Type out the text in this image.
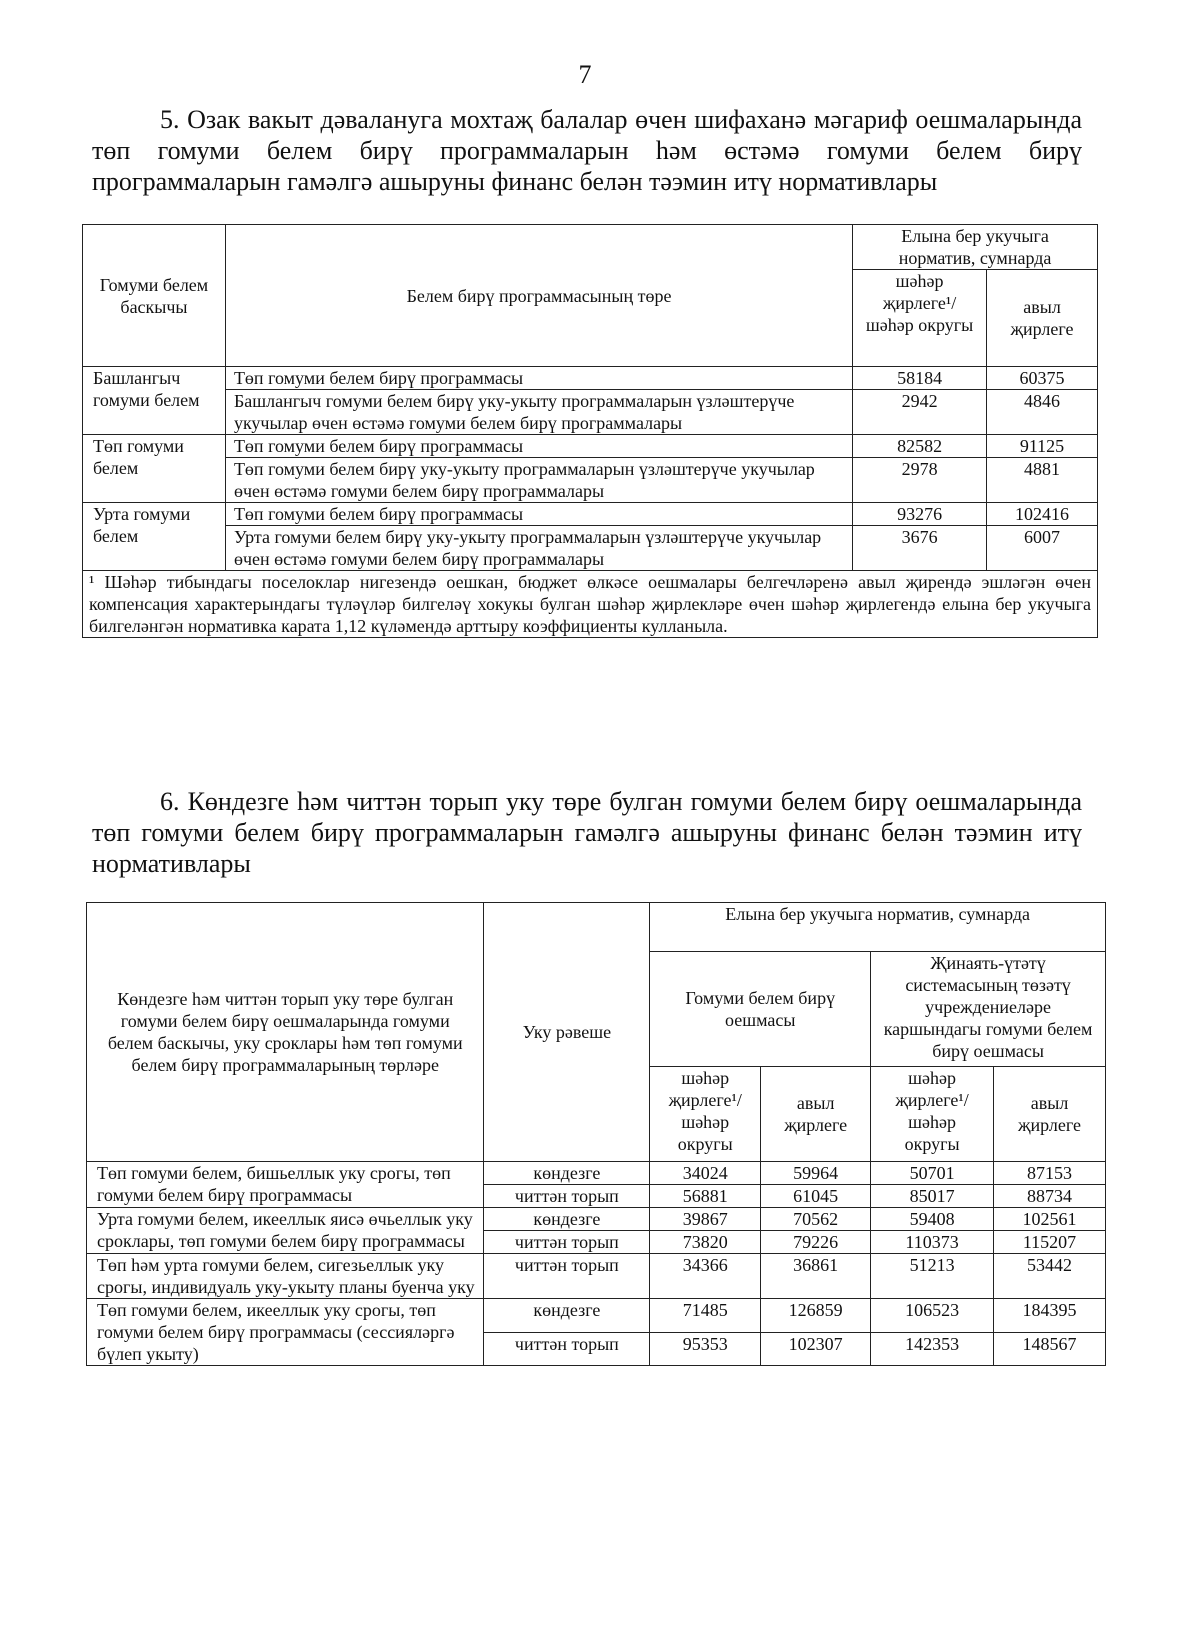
7
5. Озак вакыт дәвалануга мохтаҗ балалар өчен шифаханә мәгариф оешмаларында төп гомуми белем бирү программаларын һәм өстәмә гомуми белем бирү программаларын гамәлгә ашыруны финанс белән тәэмин итү нормативлары
Гомуми белем баскычы	Белем бирү программасының төре	Елына бер укучыга норматив, сумнарда	
		шәһәр җирлеге¹/ шәһәр округы	авыл җирлеге
Башлангыч гомуми белем	Төп гомуми белем бирү программасы	58184	60375
	Башлангыч гомуми белем бирү уку-укыту программаларын үзләштерүче укучылар өчен өстәмә гомуми белем бирү программалары	2942	4846
Төп гомуми белем	Төп гомуми белем бирү программасы	82582	91125
	Төп гомуми белем бирү уку-укыту программаларын үзләштерүче укучылар өчен өстәмә гомуми белем бирү программалары	2978	4881
Урта гомуми белем	Төп гомуми белем бирү программасы	93276	102416
	Урта гомуми белем бирү уку-укыту программаларын үзләштерүче укучылар өчен өстәмә гомуми белем бирү программалары	3676	6007
¹ Шәһәр тибындагы поселоклар нигезендә оешкан, бюджет өлкәсе оешмалары белгечләренә авыл җирендә эшләгән өчен компенсация характерындагы түләүләр билгеләү хокукы булган шәһәр җирлекләре өчен шәһәр җирлегендә елына бер укучыга билгеләнгән нормативка карата 1,12 күләмендә арттыру коэффициенты кулланыла.			
6. Көндезге һәм читтән торып уку төре булган гомуми белем бирү оешмаларында төп гомуми белем бирү программаларын гамәлгә ашыруны финанс белән тәэмин итү нормативлары
Көндезге һәм читтән торып уку төре булган гомуми белем бирү оешмаларында гомуми белем баскычы, уку сроклары һәм төп гомуми белем бирү программаларының төрләре	Уку рәвеше	Елына бер укучыга норматив, сумнарда			
		Гомуми белем бирү оешмасы		Җинаять-үтәтү системасының төзәтү учреждениеләре каршындагы гомуми белем бирү оешмасы	
		шәһәр җирлеге¹/ шәһәр округы	авыл җирлеге	шәһәр җирлеге¹/ шәһәр округы	авыл җирлеге
Төп гомуми белем, бишьеллык уку срогы, төп гомуми белем бирү программасы	көндезге	34024	59964	50701	87153
	читтән торып	56881	61045	85017	88734
Урта гомуми белем, икееллык яисә өчьеллык уку сроклары, төп гомуми белем бирү программасы	көндезге	39867	70562	59408	102561
	читтән торып	73820	79226	110373	115207
Төп һәм урта гомуми белем, сигезьеллык уку срогы, индивидуаль уку-укыту планы буенча уку	читтән торып	34366	36861	51213	53442
Төп гомуми белем, икееллык уку срогы, төп гомуми белем бирү программасы (сессияләргә бүлеп укыту)	көндезге	71485	126859	106523	184395
	читтән торып	95353	102307	142353	148567
